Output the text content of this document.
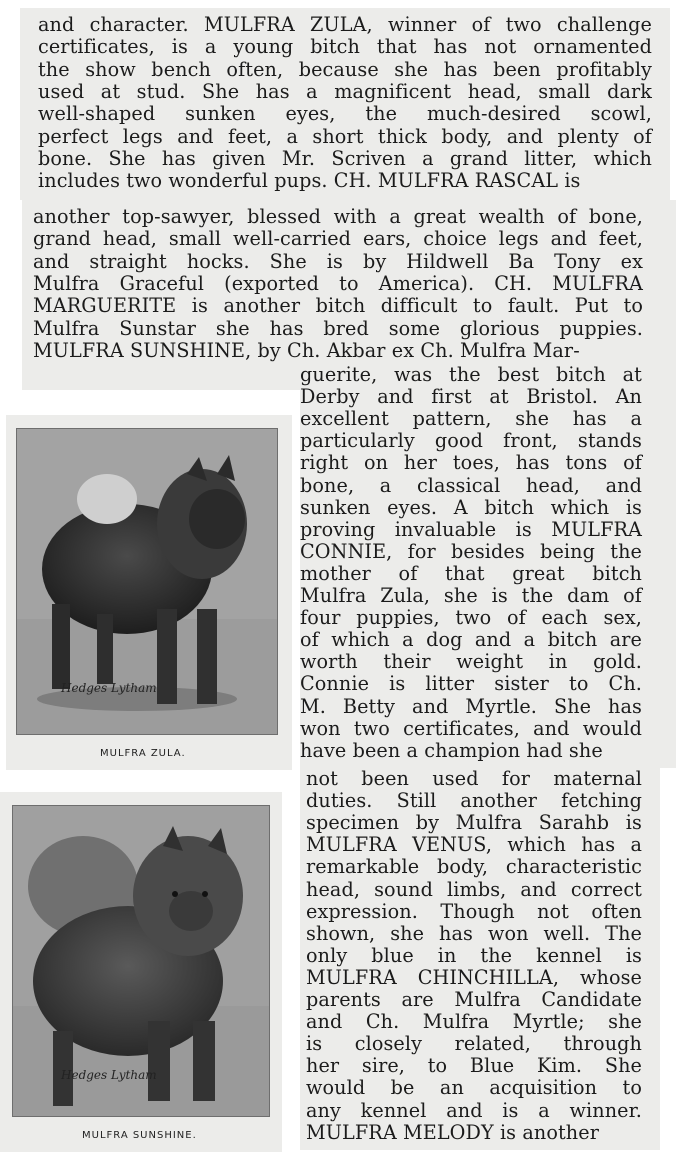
and character. MULFRA ZULA, winner of two challenge
certificates, is a young bitch that has not ornamented
the show bench often, because she has been profitably
used at stud. She has a magnificent head, small dark
well-shaped sunken eyes, the much-desired scowl,
perfect legs and feet, a short thick body, and plenty of
bone. She has given Mr. Scriven a grand litter, which
includes two wonderful pups. CH. MULFRA RASCAL is
another top-sawyer, blessed with a great wealth of bone,
grand head, small well-carried ears, choice legs and feet,
and straight hocks. She is by Hildwell Ba Tony ex
Mulfra Graceful (exported to America). CH. MULFRA
MARGUERITE is another bitch difficult to fault. Put to
Mulfra Sunstar she has bred some glorious puppies.
MULFRA SUNSHINE, by Ch. Akbar ex Ch. Mulfra Mar-
guerite, was the best bitch at
Derby and first at Bristol. An
excellent pattern, she has a
particularly good front, stands
right on her toes, has tons of
bone, a classical head, and
sunken eyes. A bitch which is
proving invaluable is MULFRA
CONNIE, for besides being the
mother of that great bitch
Mulfra Zula, she is the dam of
four puppies, two of each sex,
of which a dog and a bitch are
worth their weight in gold.
Connie is litter sister to Ch.
M. Betty and Myrtle. She has
won two certificates, and would
have been a champion had she
not been used for maternal
duties. Still another fetching
specimen by Mulfra Sarahb is
MULFRA VENUS, which has a
remarkable body, characteristic
head, sound limbs, and correct
expression. Though not often
shown, she has won well. The
only blue in the kennel is
MULFRA CHINCHILLA, whose
parents are Mulfra Candidate
and Ch. Mulfra Myrtle; she
is closely related, through
her sire, to Blue Kim. She
would be an acquisition to
any kennel and is a winner.
MULFRA MELODY is another
Hedges Lytham
MULFRA ZULA.
Hedges Lytham
MULFRA SUNSHINE.
